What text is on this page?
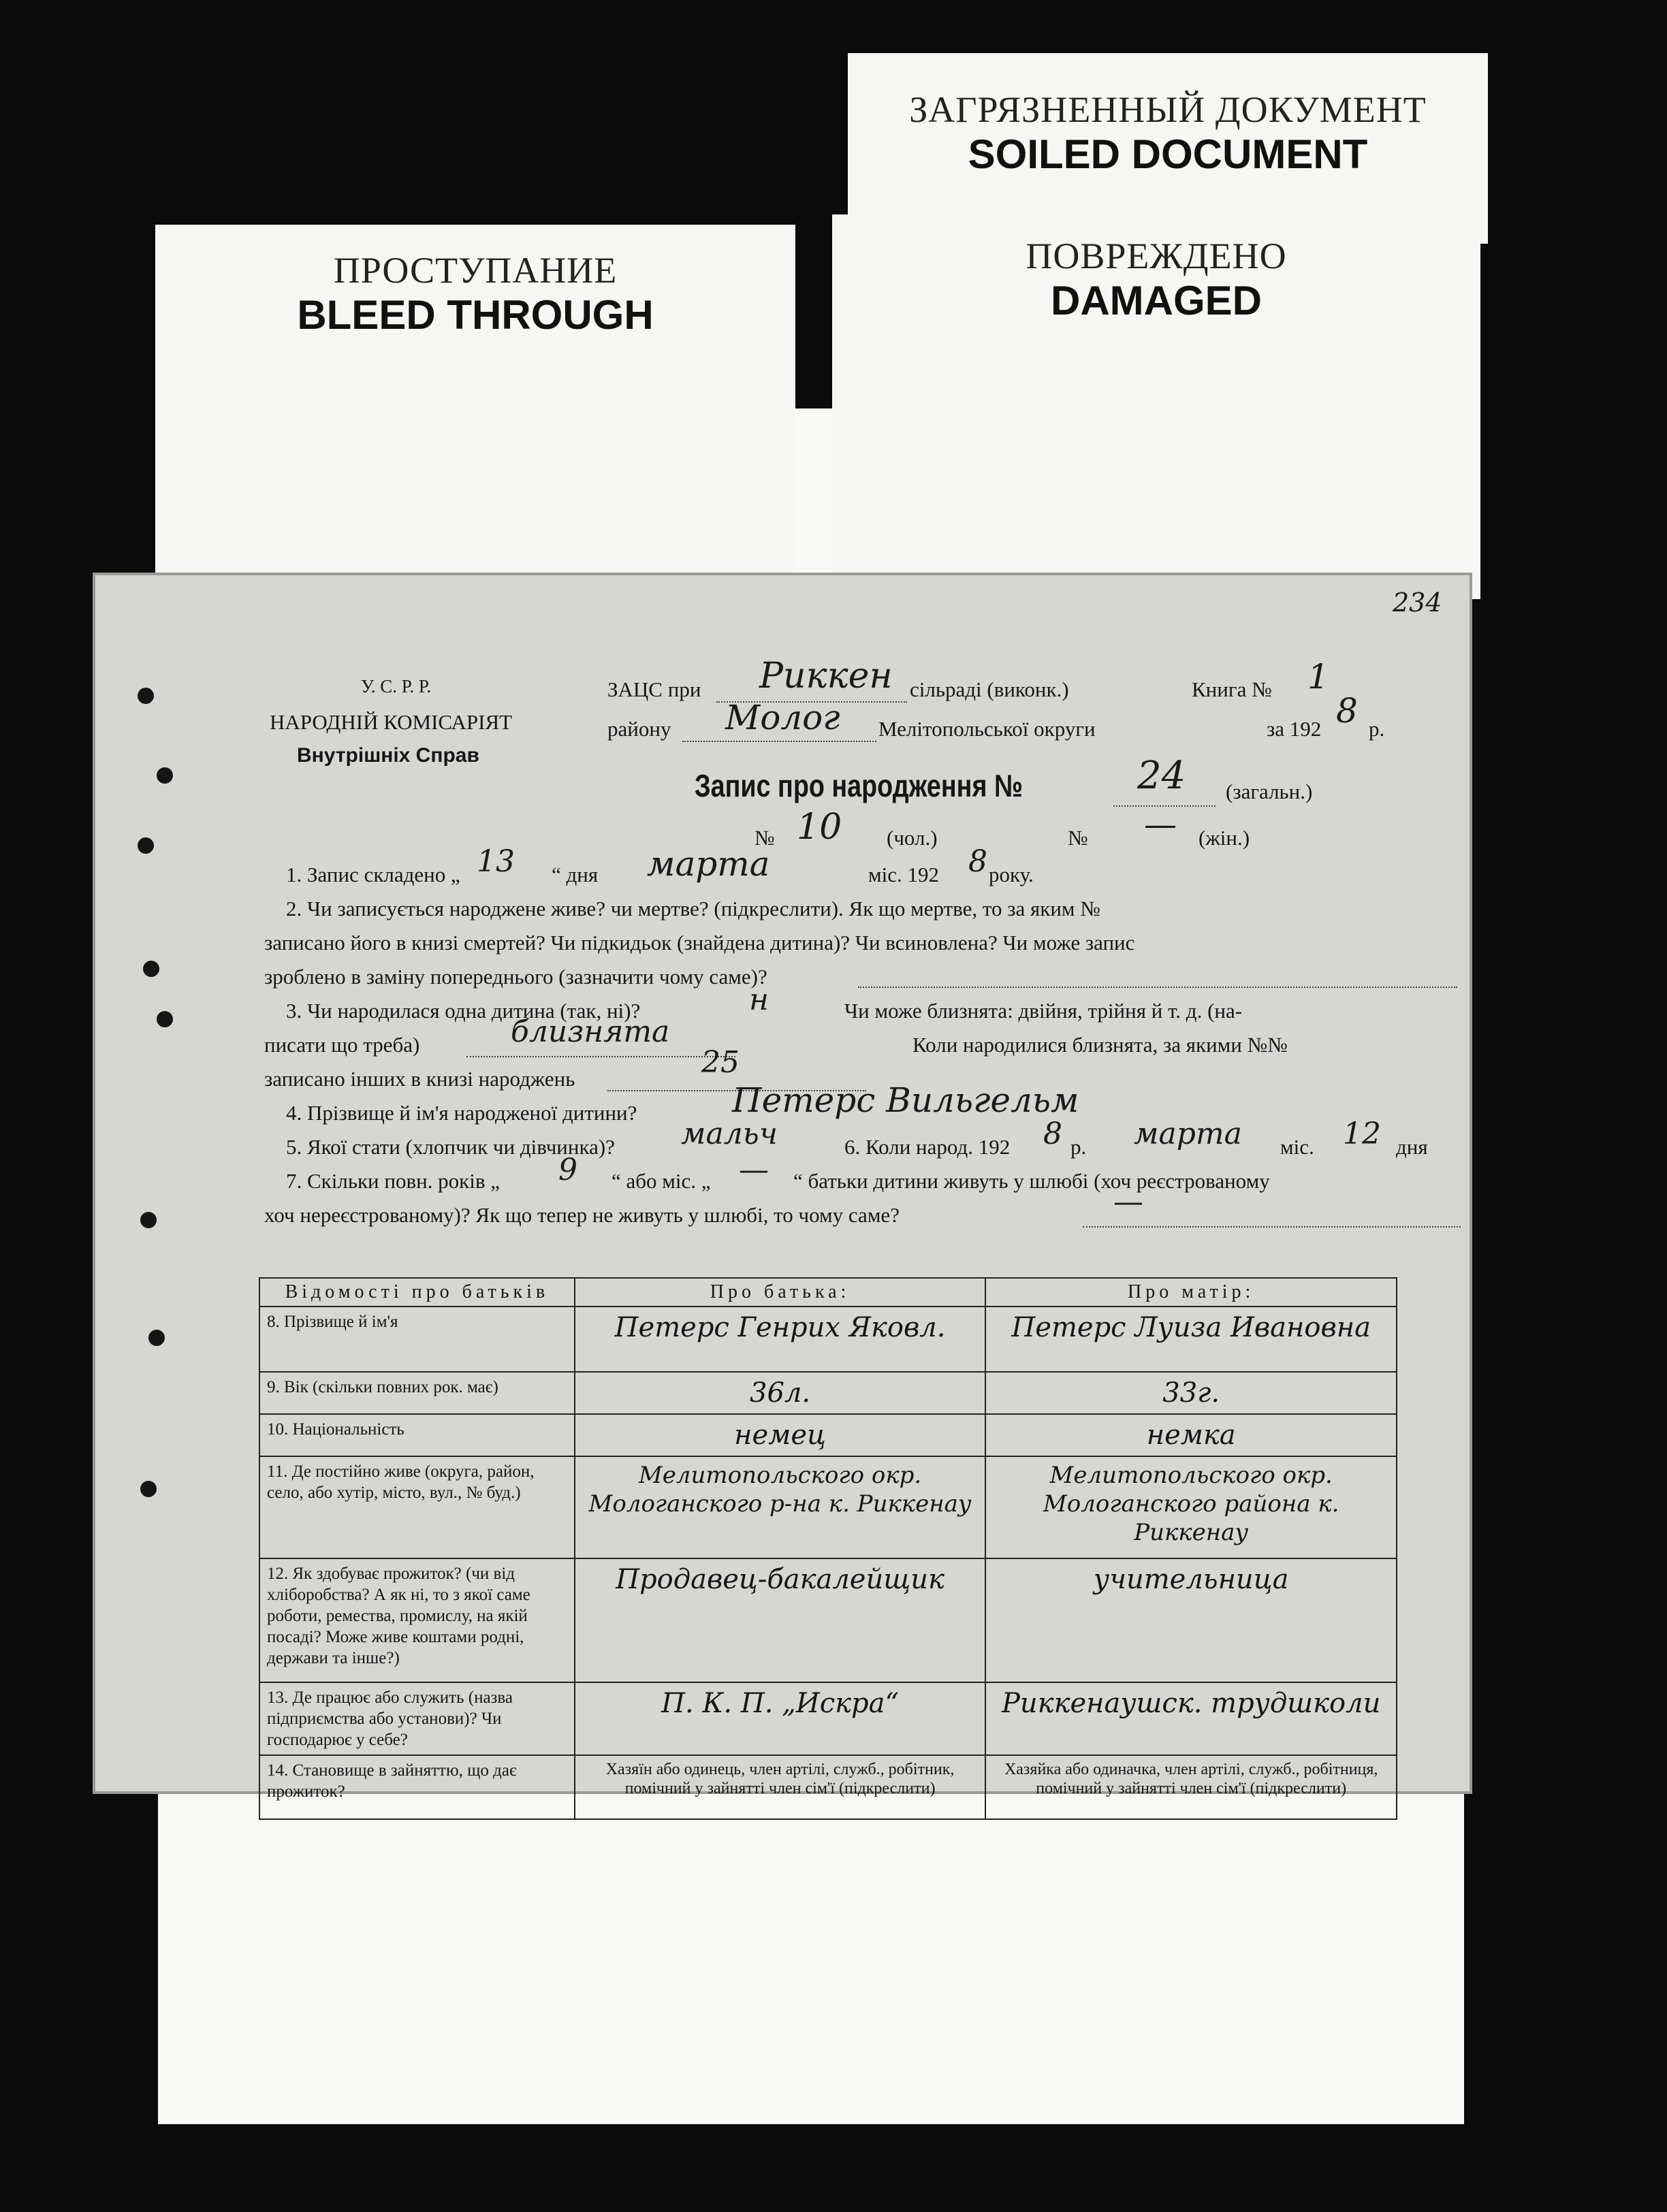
ЗАГРЯЗНЕННЫЙ ДОКУМЕНТ
SOILED DOCUMENT
ПРОСТУПАНИЕ
BLEED THROUGH
ПОВРЕЖДЕНО
DAMAGED
234
У. С. Р. Р.
НАРОДНІЙ КОМІСАРІЯТ
Внутрішніх Справ
ЗАЦС при Риккен сільраді (виконк.)	Книга № 1
району Молог Мелітопольської округи	за 192 8 р.
Запис про народження №	24 (загальн.)
№ 10 (чол.)	№ — (жін.)
1. Запис складено „ 13 “ дня марта	міс. 192 8 року.
2. Чи записується народжене живе? чи мертве? (підкреслити). Як що мертве, то за яким №
записано його в книзі смертей? Чи підкидьок (знайдена дитина)? Чи всиновлена? Чи може запис
зроблено в заміну попереднього (зазначити чому саме)?
3. Чи народилася одна дитина (так, ні)?	н	Чи може близнята: двійня, трійня й т. д. (на-
писати що треба)	близнята	Коли народилися близнята, за якими №№
записано інших в книзі народжень	25
4. Прізвище й ім'я народженої дитини?	Петерс Вильгельм
5. Якої стати (хлопчик чи дівчинка)? мальч	6. Коли народ. 192 8 р. марта міс. 12 дня
7. Скільки повн. років „ 9 “ або міс. „ — “ батьки дитини живуть у шлюбі (хоч реєстрованому
хоч нереєстрованому)? Як що тепер не живуть у шлюбі, то чому саме?	—
Відомості про батьків	Про батька:	Про матір:
8. Прізвище й ім'я	Петерс Генрих Яковл.	Петерс Луиза Ивановна
9. Вік (скільки повних рок. має)	36л.	33г.
10. Національність	немец	немка
11. Де постійно живе (округа, район, село, або хутір, місто, вул., № буд.)	Мелитопольского окр. Мологанского р-на к. Риккенау	Мелитопольского окр. Мологанского района к. Риккенау
12. Як здобуває прожиток? (чи від хліборобства? А як ні, то з якої саме роботи, ремества, промислу, на якій посаді? Може живе коштами родні, держави та інше?)	Продавец-бакалейщик	учительница
13. Де працює або служить (назва підприємства або установи)? Чи господарює у себе?	П. К. П. „Искра“	Риккенаушск. трудшколи
14. Становище в зайняттю, що дає прожиток?	Хазяїн або одинець, член артілі, служб., робітник, помічний у зайнятті член сім'ї (підкреслити)	Хазяйка або одиначка, член артілі, служб., робітниця, помічний у зайнятті член сім'ї (підкреслити)
